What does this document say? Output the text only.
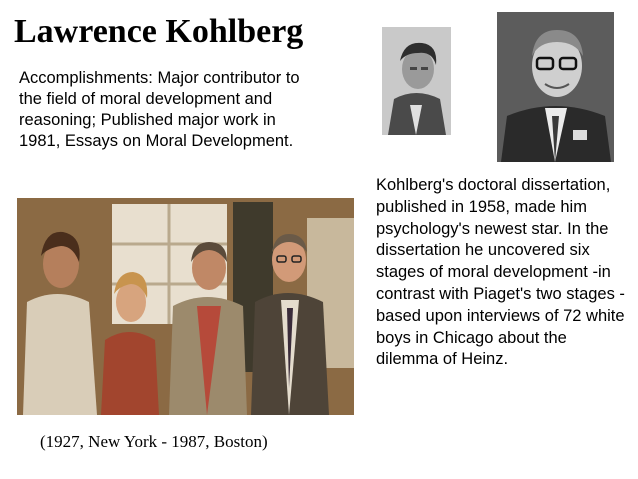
Lawrence Kohlberg
Accomplishments: Major contributor to the field of moral development and reasoning; Published major work in 1981, Essays on Moral Development.
Kohlberg's doctoral dissertation, published in 1958, made him psychology's newest star. In the dissertation he uncovered six stages of moral development -in contrast with Piaget's two stages - based upon interviews of 72 white boys in Chicago about the dilemma of Heinz.
(1927, New York - 1987, Boston)
